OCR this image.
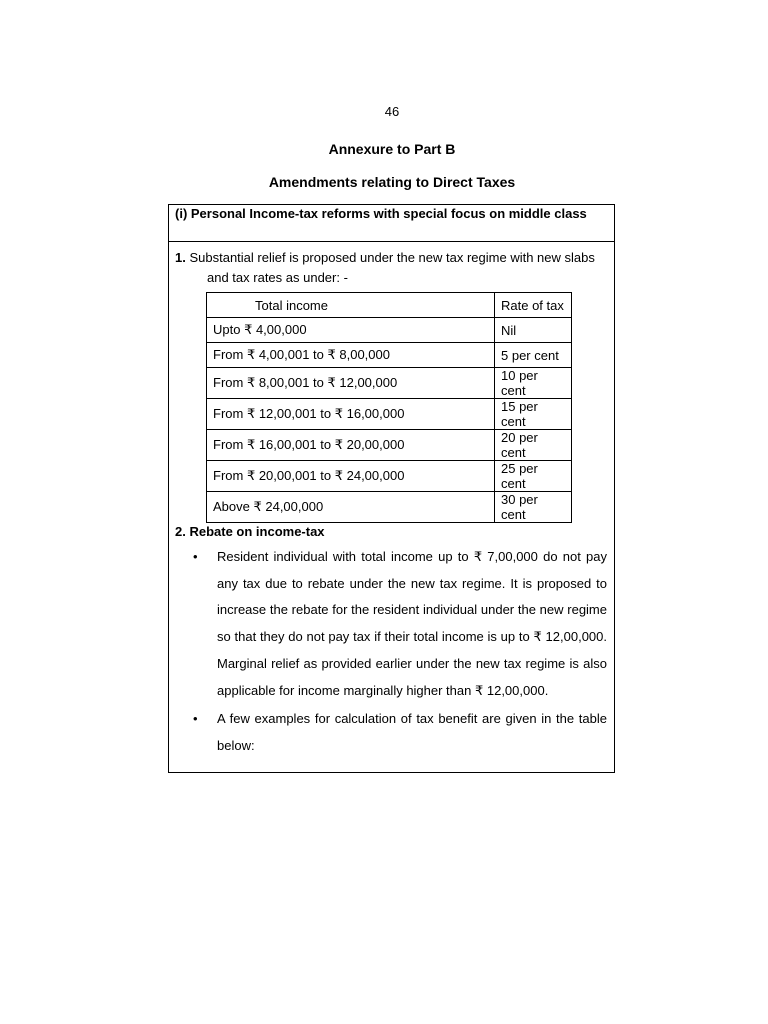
46
Annexure to Part B
Amendments relating to Direct Taxes
(i) Personal Income-tax reforms with special focus on middle class
1. Substantial relief is proposed under the new tax regime with new slabs
and tax rates as under: -
Total income	Rate of tax
Upto ₹ 4,00,000	Nil
From ₹ 4,00,001 to ₹ 8,00,000	5 per cent
From ₹ 8,00,001 to ₹ 12,00,000	10 per cent
From ₹ 12,00,001 to ₹ 16,00,000	15 per cent
From ₹ 16,00,001 to ₹ 20,00,000	20 per cent
From ₹ 20,00,001 to ₹ 24,00,000	25 per cent
Above ₹ 24,00,000	30 per cent
2. Rebate on income-tax
• Resident individual with total income up to ₹ 7,00,000 do not pay any tax due to rebate under the new tax regime. It is proposed to increase the rebate for the resident individual under the new regime so that they do not pay tax if their total income is up to ₹ 12,00,000. Marginal relief as provided earlier under the new tax regime is also applicable for income marginally higher than ₹ 12,00,000.
• A few examples for calculation of tax benefit are given in the table below:
